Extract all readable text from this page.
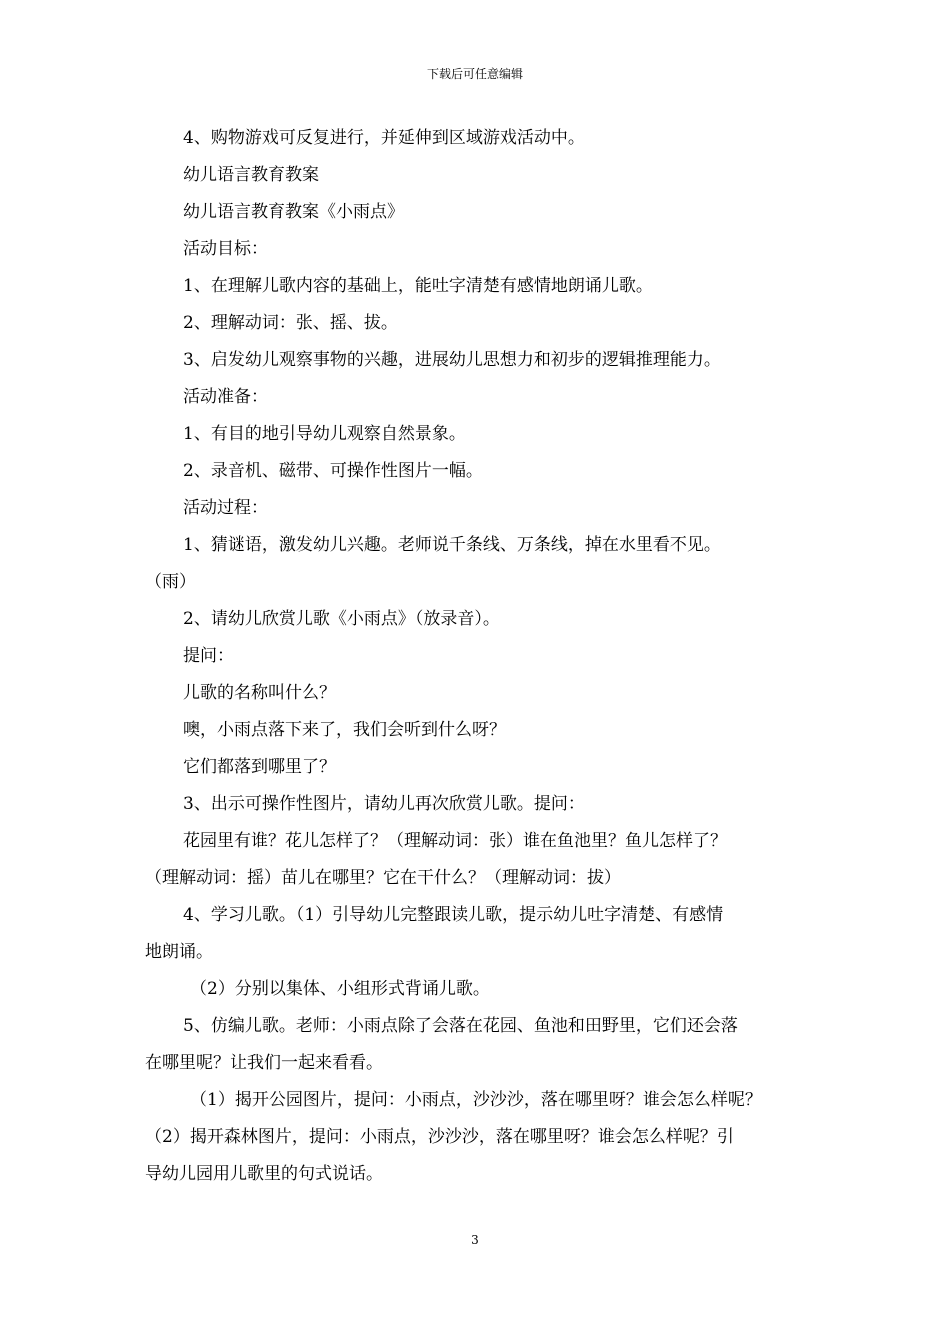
下载后可任意编辑
4、购物游戏可反复进行，并延伸到区域游戏活动中。
幼儿语言教育教案
幼儿语言教育教案《小雨点》
活动目标：
1、在理解儿歌内容的基础上，能吐字清楚有感情地朗诵儿歌。
2、理解动词：张、摇、拔。
3、启发幼儿观察事物的兴趣，进展幼儿思想力和初步的逻辑推理能力。
活动准备：
1、有目的地引导幼儿观察自然景象。
2、录音机、磁带、可操作性图片一幅。
活动过程：
1、猜谜语，激发幼儿兴趣。老师说千条线、万条线，掉在水里看不见。
（雨）
2、请幼儿欣赏儿歌《小雨点》（放录音）。
提问：
儿歌的名称叫什么？
噢，小雨点落下来了，我们会听到什么呀？
它们都落到哪里了？
3、出示可操作性图片，请幼儿再次欣赏儿歌。提问：
花园里有谁？花儿怎样了？（理解动词：张）谁在鱼池里？鱼儿怎样了？
（理解动词：摇）苗儿在哪里？它在干什么？（理解动词：拔）
4、学习儿歌。（1）引导幼儿完整跟读儿歌，提示幼儿吐字清楚、有感情
地朗诵。
（2）分别以集体、小组形式背诵儿歌。
5、仿编儿歌。老师：小雨点除了会落在花园、鱼池和田野里，它们还会落
在哪里呢？让我们一起来看看。
（1）揭开公园图片，提问：小雨点，沙沙沙，落在哪里呀？谁会怎么样呢？
（2）揭开森林图片，提问：小雨点，沙沙沙，落在哪里呀？谁会怎么样呢？引
导幼儿园用儿歌里的句式说话。
3
